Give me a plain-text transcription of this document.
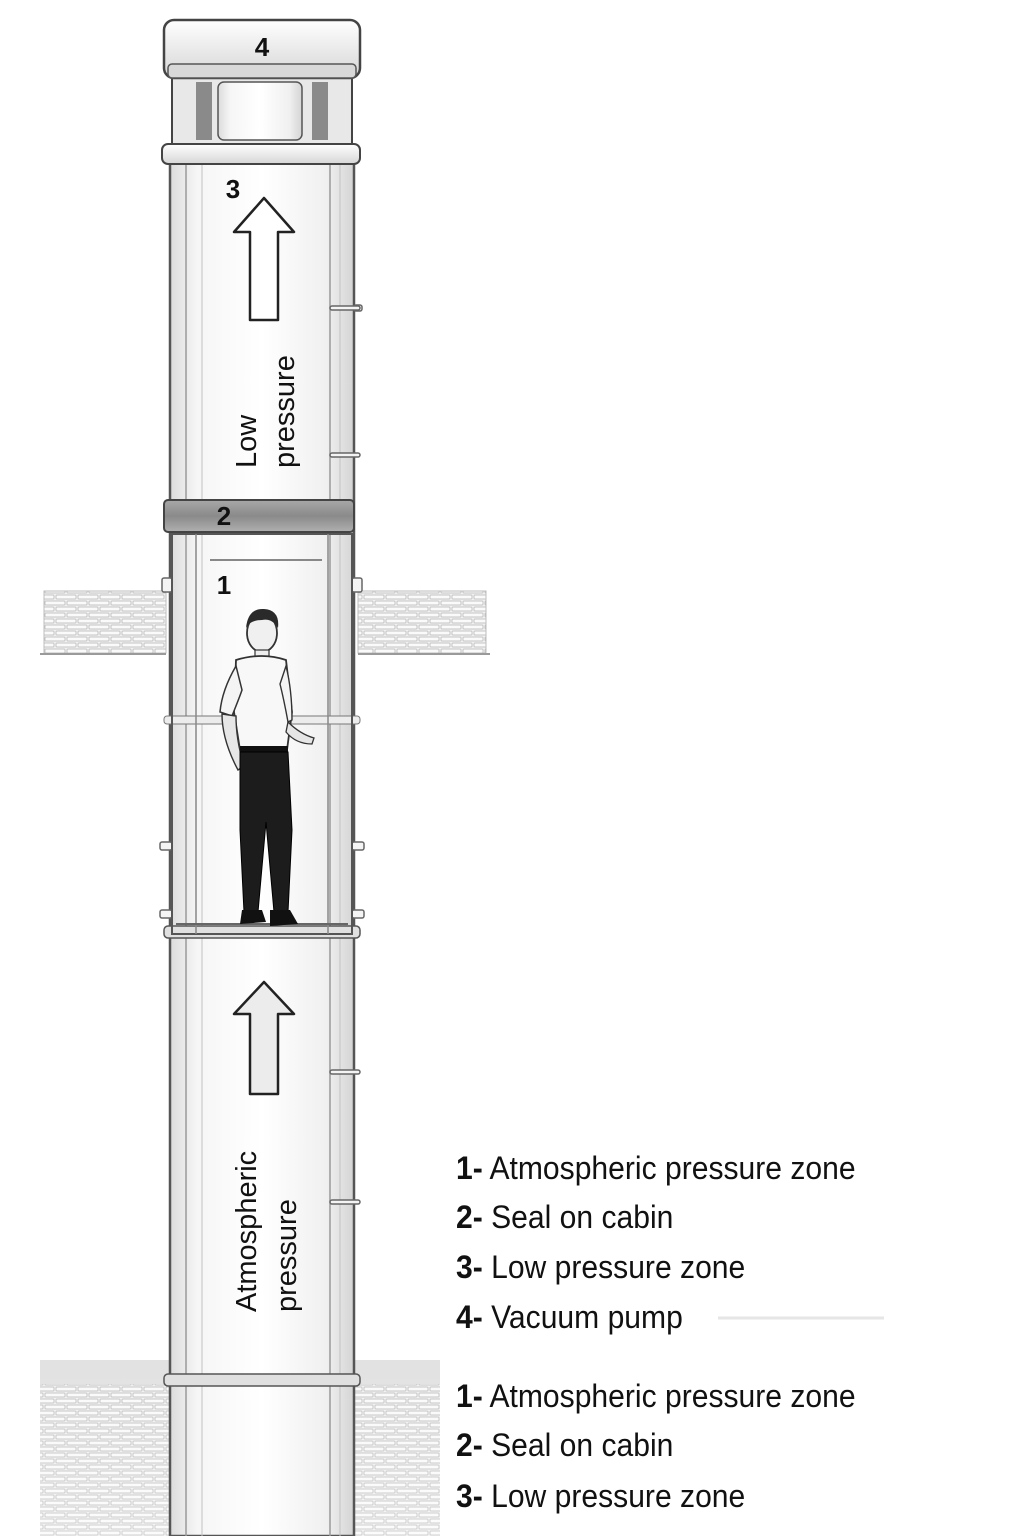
Low pressure
Atmospheric pressure
1
2
3
4
1- Atmospheric pressure zone
2- Seal on cabin
3- Low pressure zone
4- Vacuum pump
1- Atmospheric pressure zone
2- Seal on cabin
3- Low pressure zone
